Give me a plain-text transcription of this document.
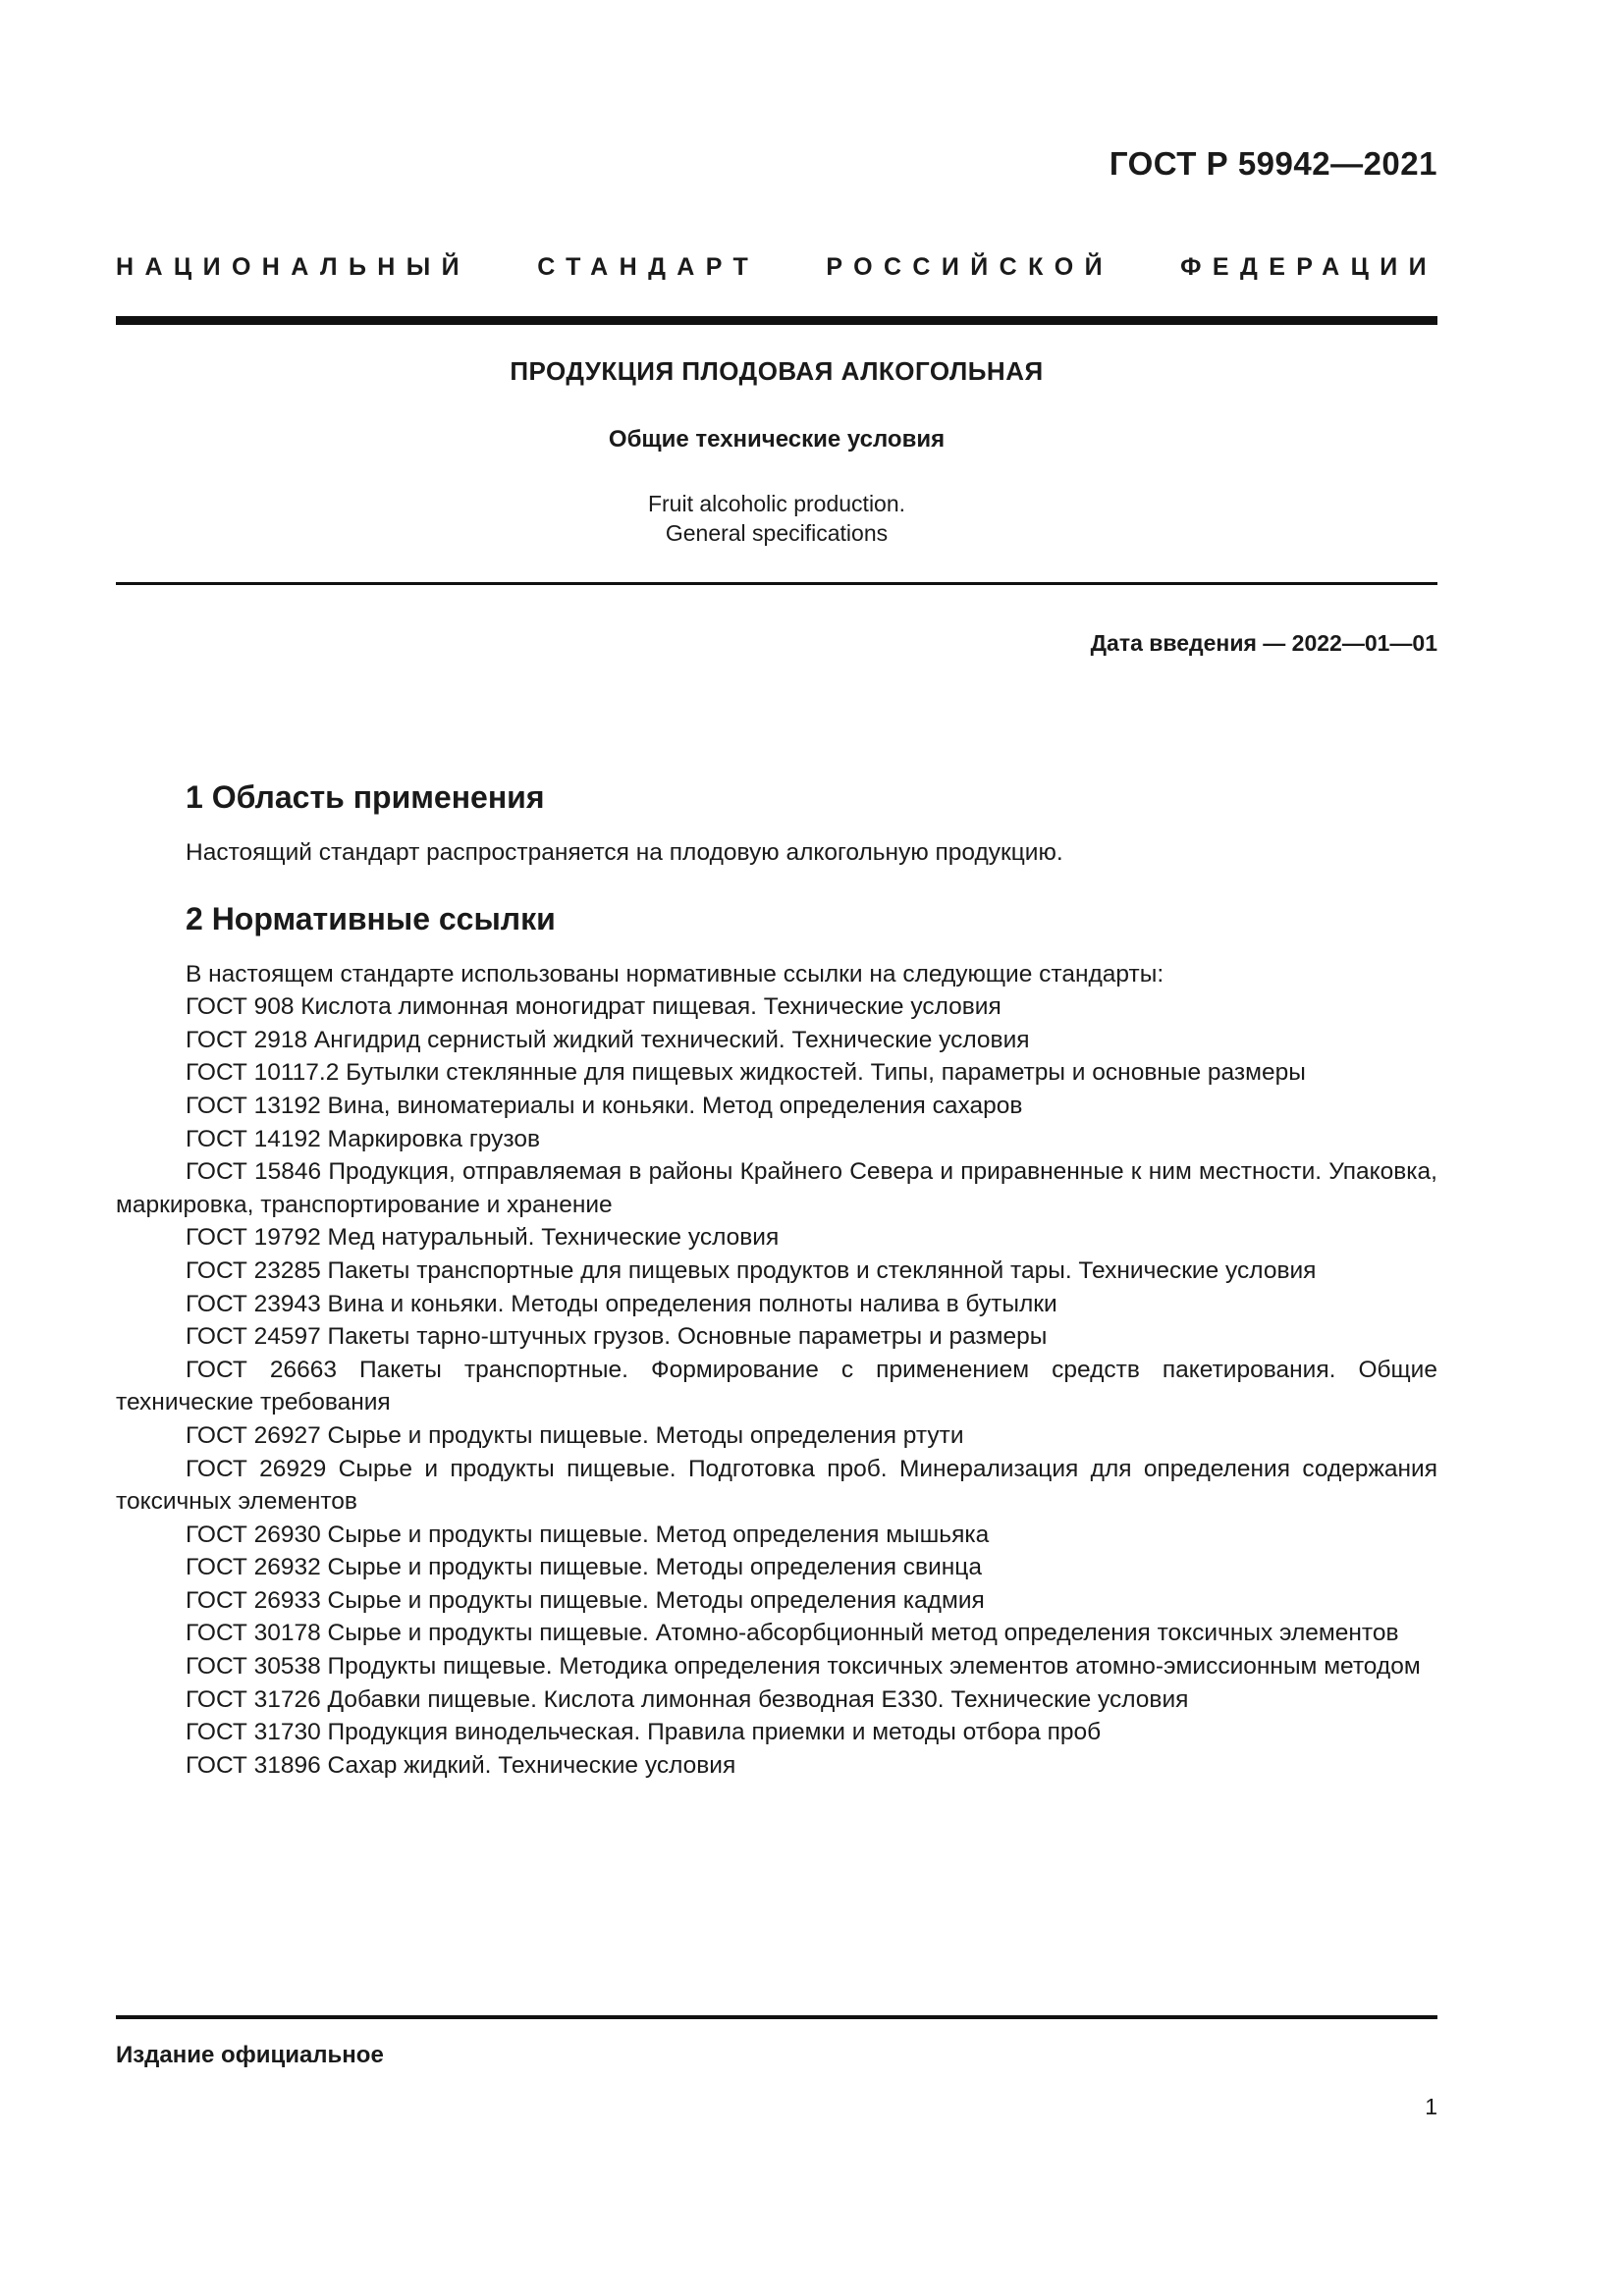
ГОСТ Р 59942—2021
НАЦИОНАЛЬНЫЙ СТАНДАРТ РОССИЙСКОЙ ФЕДЕРАЦИИ

ПРОДУКЦИЯ ПЛОДОВАЯ АЛКОГОЛЬНАЯ

Общие технические условия

Fruit alcoholic production.
General specifications

Дата введения — 2022—01—01
1 Область применения

Настоящий стандарт распространяется на плодовую алкогольную продукцию.

2 Нормативные ссылки

В настоящем стандарте использованы нормативные ссылки на следующие стандарты:

ГОСТ 908 Кислота лимонная моногидрат пищевая. Технические условия

ГОСТ 2918 Ангидрид сернистый жидкий технический. Технические условия

ГОСТ 10117.2 Бутылки стеклянные для пищевых жидкостей. Типы, параметры и основные размеры

ГОСТ 13192 Вина, виноматериалы и коньяки. Метод определения сахаров

ГОСТ 14192 Маркировка грузов

ГОСТ 15846 Продукция, отправляемая в районы Крайнего Севера и приравненные к ним местности. Упаковка, маркировка, транспортирование и хранение

ГОСТ 19792 Мед натуральный. Технические условия

ГОСТ 23285 Пакеты транспортные для пищевых продуктов и стеклянной тары. Технические условия

ГОСТ 23943 Вина и коньяки. Методы определения полноты налива в бутылки

ГОСТ 24597 Пакеты тарно-штучных грузов. Основные параметры и размеры

ГОСТ 26663 Пакеты транспортные. Формирование с применением средств пакетирования. Общие технические требования

ГОСТ 26927 Сырье и продукты пищевые. Методы определения ртути

ГОСТ 26929 Сырье и продукты пищевые. Подготовка проб. Минерализация для определения содержания токсичных элементов

ГОСТ 26930 Сырье и продукты пищевые. Метод определения мышьяка

ГОСТ 26932 Сырье и продукты пищевые. Методы определения свинца

ГОСТ 26933 Сырье и продукты пищевые. Методы определения кадмия

ГОСТ 30178 Сырье и продукты пищевые. Атомно-абсорбционный метод определения токсичных элементов

ГОСТ 30538 Продукты пищевые. Методика определения токсичных элементов атомно-эмиссионным методом

ГОСТ 31726 Добавки пищевые. Кислота лимонная безводная Е330. Технические условия

ГОСТ 31730 Продукция винодельческая. Правила приемки и методы отбора проб

ГОСТ 31896 Сахар жидкий. Технические условия

Издание официальное
1
